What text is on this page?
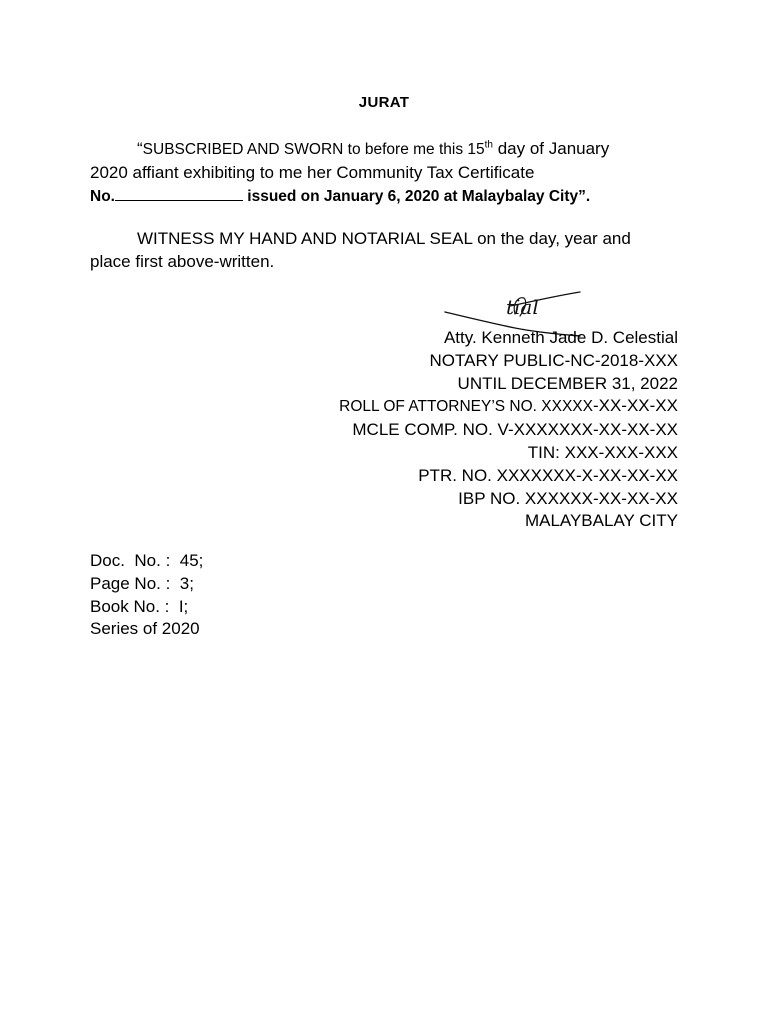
JURAT
“SUBSCRIBED AND SWORN to before me this 15th day of January
2020 affiant exhibiting to me her Community Tax Certificate
No.	issued on January 6, 2020 at Malaybalay City”.
WITNESS MY HAND AND NOTARIAL SEAL on the day, year and
place first above-written.
tial
Atty. Kenneth Jade D. Celestial
NOTARY PUBLIC-NC-2018-XXX
UNTIL DECEMBER 31, 2022
ROLL OF ATTORNEY’S NO. XXXXX-XX-XX-XX
MCLE COMP. NO. V-XXXXXXX-XX-XX-XX
TIN: XXX-XXX-XXX
PTR. NO. XXXXXXX-X-XX-XX-XX
IBP NO. XXXXXX-XX-XX-XX
MALAYBALAY CITY
Doc.  No. :  45;
Page No. :  3;
Book No. :  I;
Series of 2020
